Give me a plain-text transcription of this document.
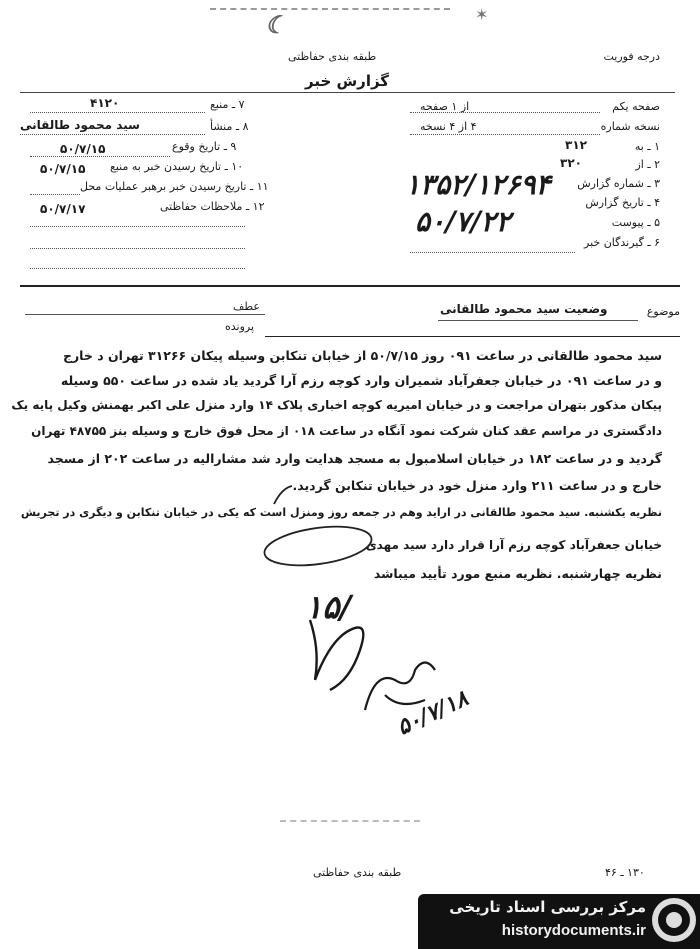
☾	✶
درجه فوریت
طبقه بندی حفاظتی
گزارش خبر
۷ ـ منبع
۴۱۲۰
۸ ـ منشأ
سید محمود طالقانی
۹ ـ تاریخ وقوع
۵۰/۷/۱۵
۱۰ ـ تاریخ رسیدن خبر به منبع
۵۰/۷/۱۵
۱۱ ـ تاریخ رسیدن خبر برهبر عملیات محل
۱۲ ـ ملاحظات حفاظتی
۵۰/۷/۱۷
صفحه یکم
از ۱ صفحه
نسخه شماره
۴ از ۴ نسخه
۱ ـ به
۳۱۲
۲ ـ از
۳۲۰
۳ ـ شماره گزارش
۴ ـ تاریخ گزارش
۵ ـ پیوست
۶ ـ گیرندگان خبر
۱۳۵۲/۱۲۶۹۴
۵۰/۷/۲۲
عطف
پرونده
موضوع
وضعیت سید محمود طالقانی
سید محمود طالقانی در ساعت ۰۹۱ روز ۵۰/۷/۱۵ از خیابان تنکابن وسیله پیکان ۳۱۲۶۶ تهران د خارج
و در ساعت ۰۹۱ در خیابان جعفرآباد شمیران وارد کوچه رزم آرا گردید یاد شده در ساعت ۵۵۰ وسیله
پیکان مذکور بتهران مراجعت و در خیابان امیریه کوچه اخباری پلاک ۱۴ وارد منزل علی اکبر بهمنش وکیل پایه یک
دادگستری در مراسم عقد کنان شرکت نمود آنگاه در ساعت ۰۱۸ از محل فوق خارج و وسیله بنز ۴۸۷۵۵ تهران
گردید و در ساعت ۱۸۲ در خیابان اسلامبول به مسجد هدایت وارد شد مشارالیه در ساعت ۲۰۲ از مسجد
خارج و در ساعت ۲۱۱ وارد منزل خود در خیابان تنکابن گردید.
نظریه یکشنبه. سید محمود طالقانی در اراید وهم در جمعه روز ومنزل است که یکی در خیابان تنکابن و دیگری در تجریش
خیابان جعفرآباد کوچه رزم آرا قرار دارد سید مهدی
نظریه چهارشنبه. نظریه منبع مورد تأیید میباشد
۱۵/
۵۰/۷/۱۸
طبقه بندی حفاظتی	۱۳۰ ـ ۴۶
مرکز بررسی اسناد تاریخی
historydocuments.ir
